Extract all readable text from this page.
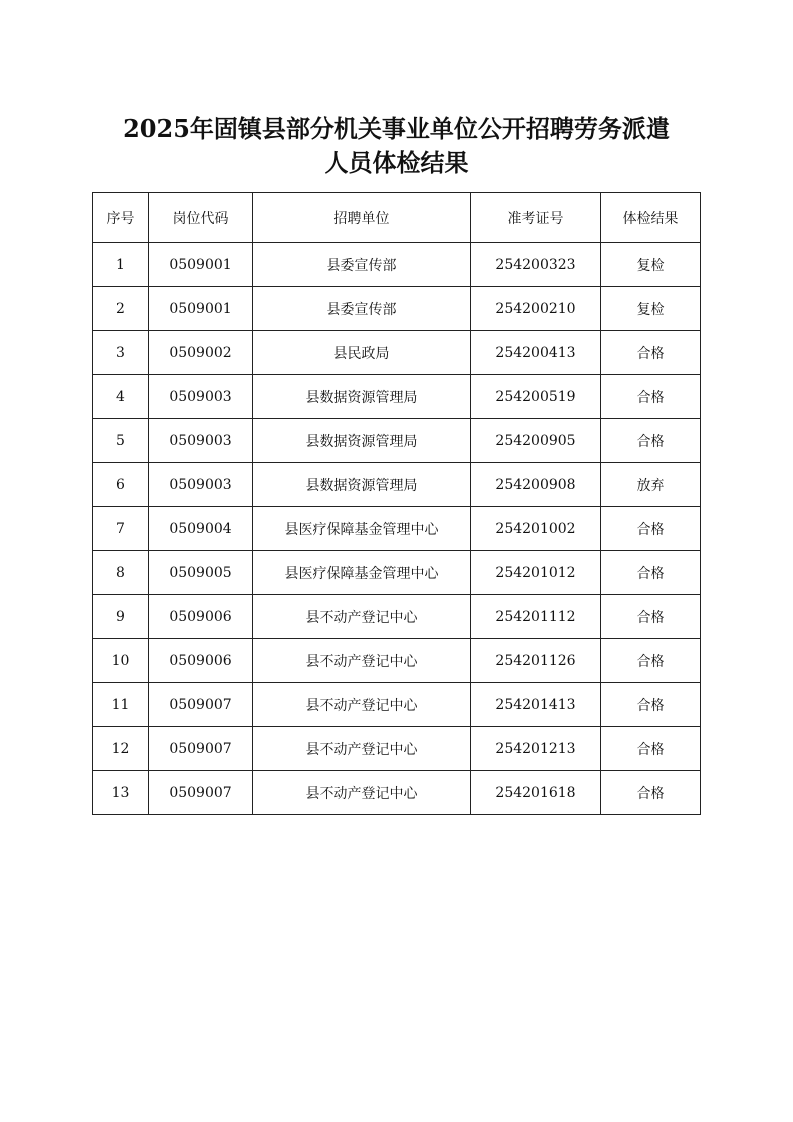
2025年固镇县部分机关事业单位公开招聘劳务派遣
人员体检结果
序号	岗位代码	招聘单位	准考证号	体检结果
1	0509001	县委宣传部	254200323	复检
2	0509001	县委宣传部	254200210	复检
3	0509002	县民政局	254200413	合格
4	0509003	县数据资源管理局	254200519	合格
5	0509003	县数据资源管理局	254200905	合格
6	0509003	县数据资源管理局	254200908	放弃
7	0509004	县医疗保障基金管理中心	254201002	合格
8	0509005	县医疗保障基金管理中心	254201012	合格
9	0509006	县不动产登记中心	254201112	合格
10	0509006	县不动产登记中心	254201126	合格
11	0509007	县不动产登记中心	254201413	合格
12	0509007	县不动产登记中心	254201213	合格
13	0509007	县不动产登记中心	254201618	合格
